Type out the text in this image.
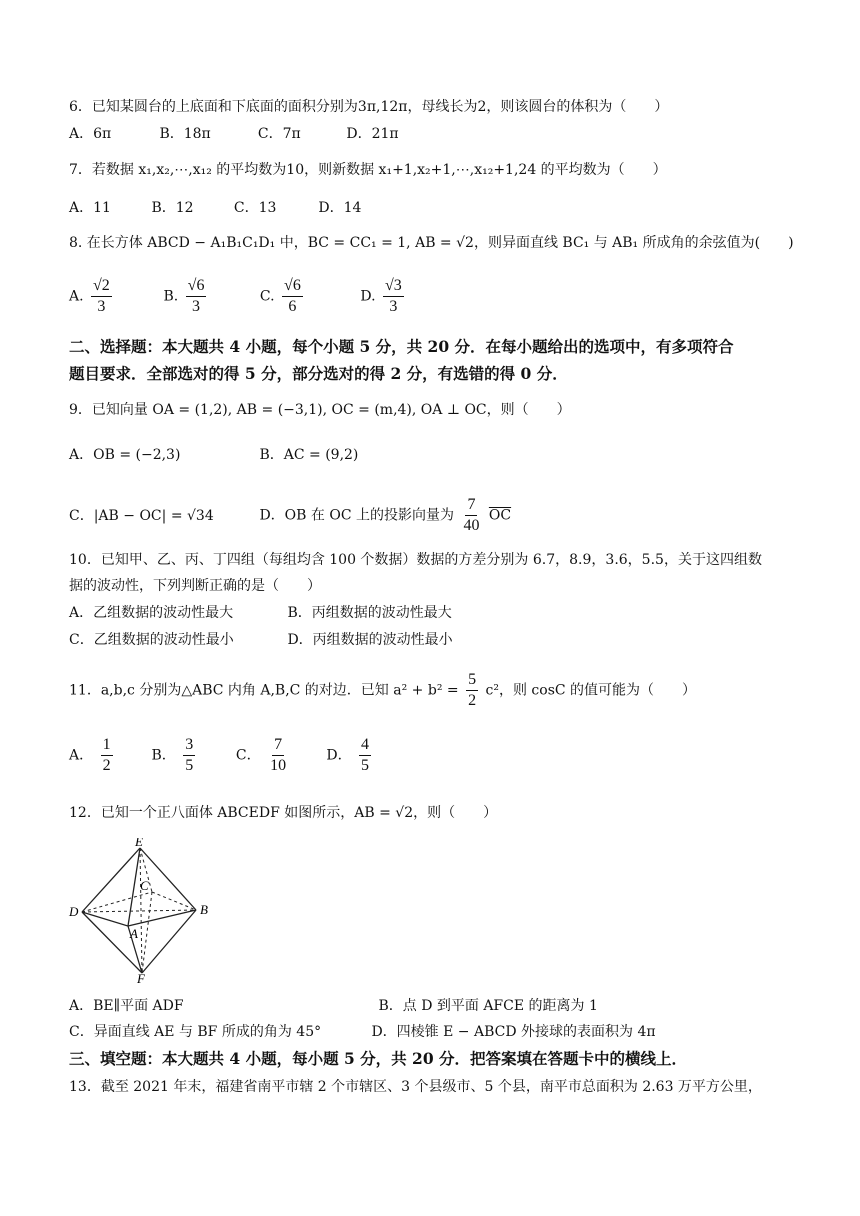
6．已知某圆台的上底面和下底面的面积分别为3π,12π，母线长为2，则该圆台的体积为（　　）
A．6π	B．18π	C．7π	D．21π
7．若数据 x₁,x₂,⋯,x₁₂ 的平均数为10，则新数据 x₁+1,x₂+1,⋯,x₁₂+1,24 的平均数为（　　）
A．11	B．12	C．13	D．14
8. 在长方体 ABCD − A₁B₁C₁D₁ 中，BC = CC₁ = 1, AB = √2，则异面直线 BC₁ 与 AB₁ 所成角的余弦值为(　　)
A. $\frac{√2}{3}$	B. $\frac{√6}{3}$	C. $\frac{√6}{6}$	D. $\frac{√3}{3}$
二、选择题：本大题共 4 小题，每个小题 5 分，共 20 分．在每小题给出的选项中，有多项符合
题目要求．全部选对的得 5 分，部分选对的得 2 分，有选错的得 0 分．
9．已知向量 OA = (1,2), AB = (−3,1), OC = (m,4), OA ⊥ OC，则（　　）
A．OB = (−2,3)	B．AC = (9,2)
C．|AB − OC| = √34	D．OB 在 OC 上的投影向量为 $\frac{7}{40} \overline{OC}$
10．已知甲、乙、丙、丁四组（每组均含 100 个数据）数据的方差分别为 6.7，8.9，3.6，5.5，关于这四组数
据的波动性，下列判断正确的是（　　）
A．乙组数据的波动性最大	B．丙组数据的波动性最大
C．乙组数据的波动性最小	D．丙组数据的波动性最小
11．a,b,c 分别为△ABC 内角 A,B,C 的对边．已知 $a^2 + b^2 = \frac{5}{2} c^2$，则 cosC 的值可能为（　　）
A． $\frac{1}{2}$	B． $\frac{3}{5}$	C． $\frac{7}{10}$	D． $\frac{4}{5}$
12．已知一个正八面体 ABCEDF 如图所示，AB = √2，则（　　）
E
C
D	B
A
F
A．BE∥平面 ADF	B．点 D 到平面 AFCE 的距离为 1
C．异面直线 AE 与 BF 所成的角为 45°	D．四棱锥 E − ABCD 外接球的表面积为 4π
三、填空题：本大题共 4 小题，每小题 5 分，共 20 分．把答案填在答题卡中的横线上．
13．截至 2021 年末，福建省南平市辖 2 个市辖区、3 个县级市、5 个县，南平市总面积为 2.63 万平方公里，
